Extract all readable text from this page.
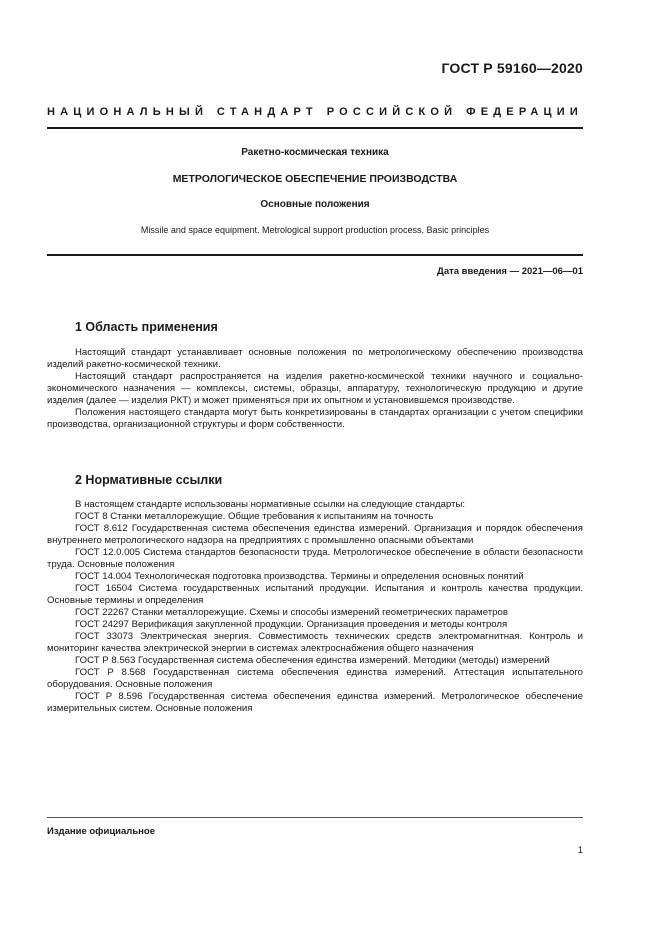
ГОСТ Р 59160—2020
НАЦИОНАЛЬНЫЙ СТАНДАРТ РОССИЙСКОЙ ФЕДЕРАЦИИ
Ракетно-космическая техника
МЕТРОЛОГИЧЕСКОЕ ОБЕСПЕЧЕНИЕ ПРОИЗВОДСТВА
Основные положения
Missile and space equipment. Metrological support production process. Basic principles
Дата введения — 2021—06—01
1 Область применения

Настоящий стандарт устанавливает основные положения по метрологическому обеспечению производства изделий ракетно-космической техники.

Настоящий стандарт распространяется на изделия ракетно-космической техники научного и социально-экономического назначения — комплексы, системы, образцы, аппаратуру, технологическую продукцию и другие изделия (далее — изделия РКТ) и может применяться при их опытном и установившемся производстве.

Положения настоящего стандарта могут быть конкретизированы в стандартах организации с учетом специфики производства, организационной структуры и форм собственности.

2 Нормативные ссылки

В настоящем стандарте использованы нормативные ссылки на следующие стандарты:

ГОСТ 8 Станки металлорежущие. Общие требования к испытаниям на точность

ГОСТ 8.612 Государственная система обеспечения единства измерений. Организация и порядок обеспечения внутреннего метрологического надзора на предприятиях с промышленно опасными объектами

ГОСТ 12.0.005 Система стандартов безопасности труда. Метрологическое обеспечение в области безопасности труда. Основные положения

ГОСТ 14.004 Технологическая подготовка производства. Термины и определения основных понятий

ГОСТ 16504 Система государственных испытаний продукции. Испытания и контроль качества продукции. Основные термины и определения

ГОСТ 22267 Станки металлорежущие. Схемы и способы измерений геометрических параметров

ГОСТ 24297 Верификация закупленной продукции. Организация проведения и методы контроля

ГОСТ 33073 Электрическая энергия. Совместимость технических средств электромагнитная. Контроль и мониторинг качества электрической энергии в системах электроснабжения общего назначения

ГОСТ Р 8.563 Государственная система обеспечения единства измерений. Методики (методы) измерений

ГОСТ Р 8.568 Государственная система обеспечения единства измерений. Аттестация испытательного оборудования. Основные положения

ГОСТ Р 8.596 Государственная система обеспечения единства измерений. Метрологическое обеспечение измерительных систем. Основные положения

Издание официальное
1
